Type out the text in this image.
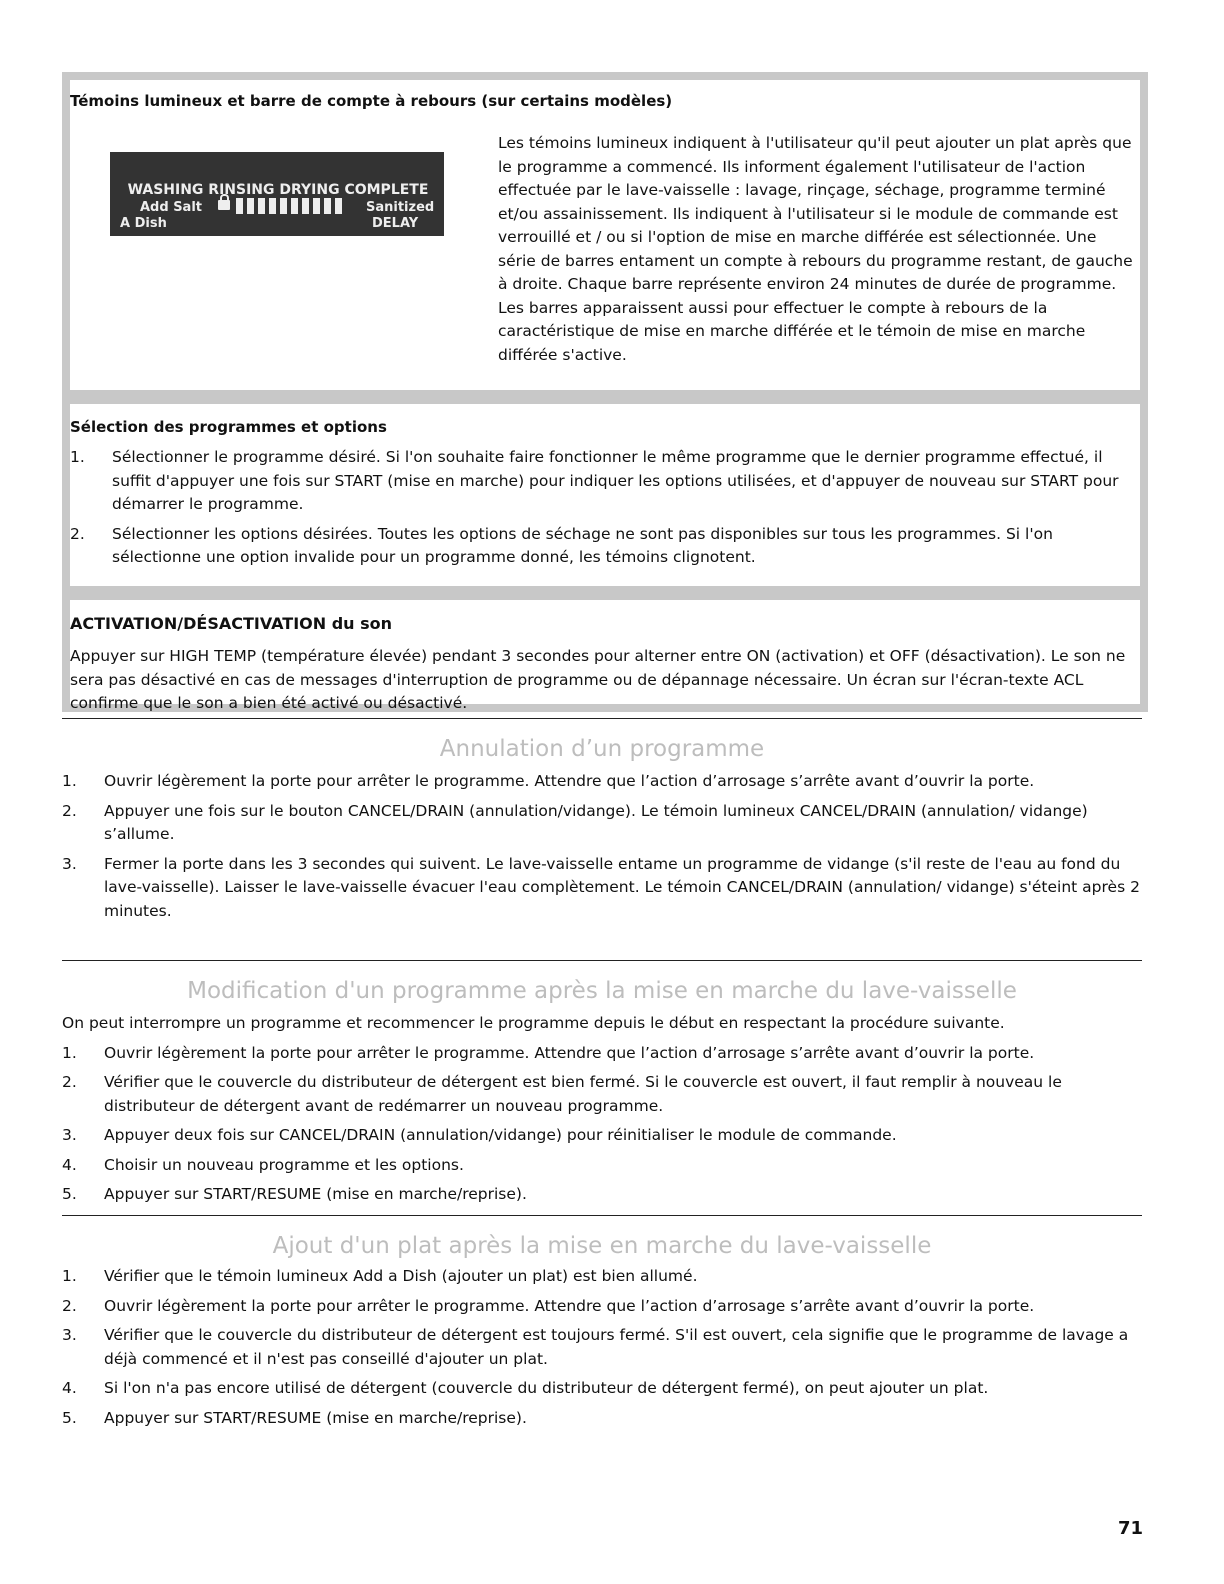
Témoins lumineux et barre de compte à rebours (sur certains modèles)
Les témoins lumineux indiquent à l'utilisateur qu'il peut ajouter un plat après que le programme a commencé. Ils informent également l'utilisateur de l'action effectuée par le lave-vaisselle : lavage, rinçage, séchage, programme terminé et/ou assainissement. Ils indiquent à l'utilisateur si le module de commande est verrouillé et / ou si l'option de mise en marche différée est sélectionnée. Une série de barres entament un compte à rebours du programme restant, de gauche à droite. Chaque barre représente environ 24 minutes de durée de programme. Les barres apparaissent aussi pour effectuer le compte à rebours de la caractéristique de mise en marche différée et le témoin de mise en marche différée s'active.
WASHING RINSING DRYING COMPLETE
Add Salt
A Dish
Sanitized
DELAY
Sélection des programmes et options
1. Sélectionner le programme désiré. Si l'on souhaite faire fonctionner le même programme que le dernier programme effectué, il suffit d'appuyer une fois sur START (mise en marche) pour indiquer les options utilisées, et d'appuyer de nouveau sur START pour démarrer le programme.
2. Sélectionner les options désirées. Toutes les options de séchage ne sont pas disponibles sur tous les programmes. Si l'on sélectionne une option invalide pour un programme donné, les témoins clignotent.
ACTIVATION/DÉSACTIVATION du son
Appuyer sur HIGH TEMP (température élevée) pendant 3 secondes pour alterner entre ON (activation) et OFF (désactivation). Le son ne sera pas désactivé en cas de messages d'interruption de programme ou de dépannage nécessaire. Un écran sur l'écran-texte ACL confirme que le son a bien été activé ou désactivé.
Annulation d’un programme
1. Ouvrir légèrement la porte pour arrêter le programme. Attendre que l’action d’arrosage s’arrête avant d’ouvrir la porte.
2. Appuyer une fois sur le bouton CANCEL/DRAIN (annulation/vidange). Le témoin lumineux CANCEL/DRAIN (annulation/ vidange) s’allume.
3. Fermer la porte dans les 3 secondes qui suivent. Le lave-vaisselle entame un programme de vidange (s'il reste de l'eau au fond du lave-vaisselle). Laisser le lave-vaisselle évacuer l'eau complètement. Le témoin CANCEL/DRAIN (annulation/ vidange) s'éteint après 2 minutes.
Modification d'un programme après la mise en marche du lave-vaisselle
On peut interrompre un programme et recommencer le programme depuis le début en respectant la procédure suivante.
1. Ouvrir légèrement la porte pour arrêter le programme. Attendre que l’action d’arrosage s’arrête avant d’ouvrir la porte.
2. Vérifier que le couvercle du distributeur de détergent est bien fermé. Si le couvercle est ouvert, il faut remplir à nouveau le distributeur de détergent avant de redémarrer un nouveau programme.
3. Appuyer deux fois sur CANCEL/DRAIN (annulation/vidange) pour réinitialiser le module de commande.
4. Choisir un nouveau programme et les options.
5. Appuyer sur START/RESUME (mise en marche/reprise).
Ajout d'un plat après la mise en marche du lave-vaisselle
1. Vérifier que le témoin lumineux Add a Dish (ajouter un plat) est bien allumé.
2. Ouvrir légèrement la porte pour arrêter le programme. Attendre que l’action d’arrosage s’arrête avant d’ouvrir la porte.
3. Vérifier que le couvercle du distributeur de détergent est toujours fermé. S'il est ouvert, cela signifie que le programme de lavage a déjà commencé et il n'est pas conseillé d'ajouter un plat.
4. Si l'on n'a pas encore utilisé de détergent (couvercle du distributeur de détergent fermé), on peut ajouter un plat.
5. Appuyer sur START/RESUME (mise en marche/reprise).
71
